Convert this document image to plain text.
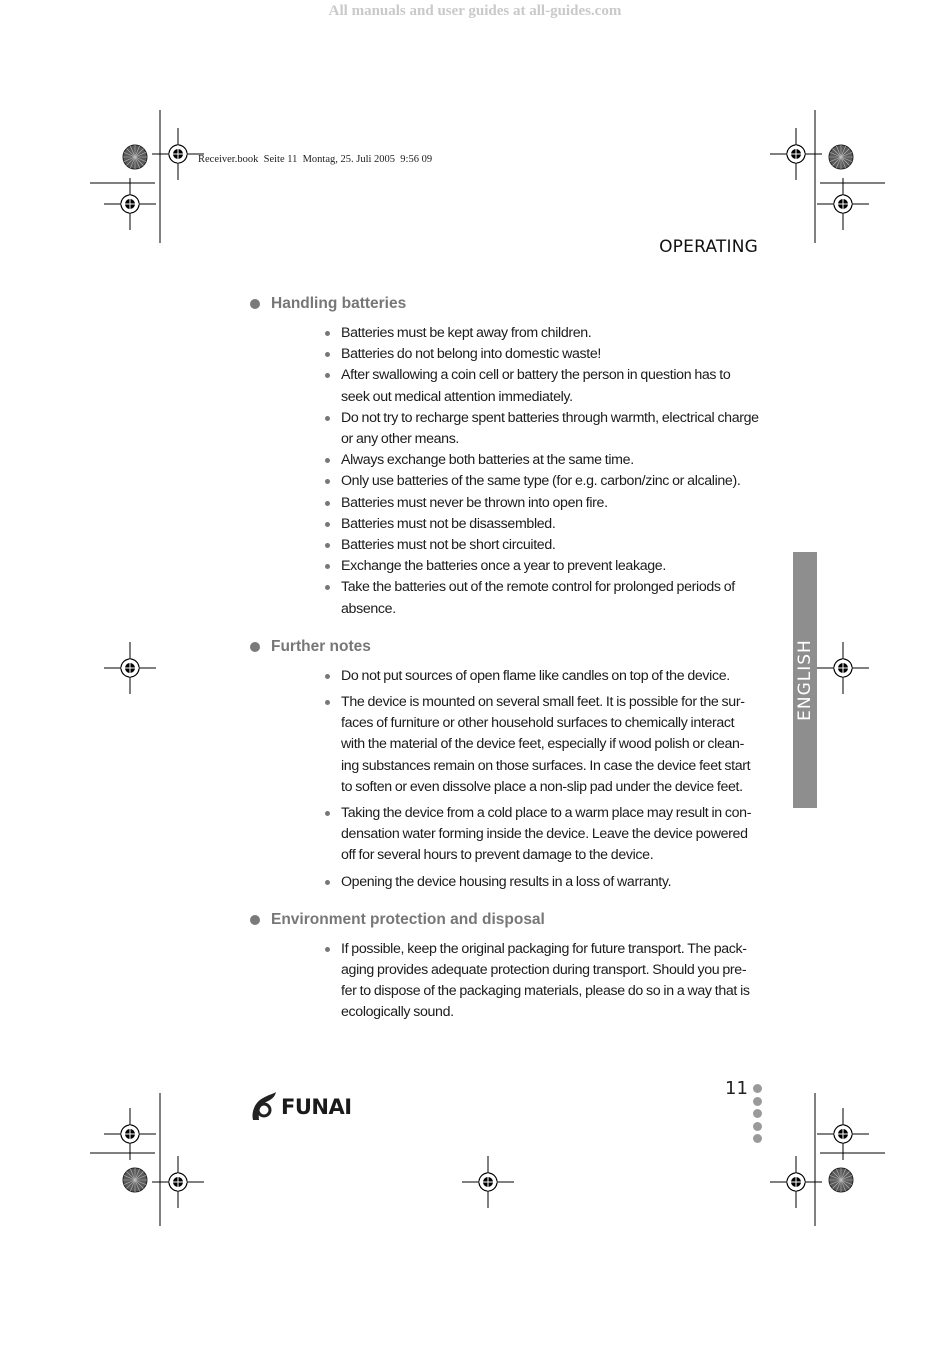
All manuals and user guides at all-guides.com
Receiver.book  Seite 11  Montag, 25. Juli 2005  9:56 09
OPERATING
ENGLISH
Handling batteries
Batteries must be kept away from children.
Batteries do not belong into domestic waste!
After swallowing a coin cell or battery the person in question has to seek out medical attention immediately.
Do not try to recharge spent batteries through warmth, electrical charge or any other means.
Always exchange both batteries at the same time.
Only use batteries of the same type (for e.g. carbon/zinc or alcaline).
Batteries must never be thrown into open fire.
Batteries must not be disassembled.
Batteries must not be short circuited.
Exchange the batteries once a year to prevent leakage.
Take the batteries out of the remote control for prolonged periods of absence.
Further notes
Do not put sources of open flame like candles on top of the device.
The device is mounted on several small feet. It is possible for the sur-faces of furniture or other household surfaces to chemically interact with the material of the device feet, especially if wood polish or clean-ing substances remain on those surfaces. In case the device feet start to soften or even dissolve place a non-slip pad under the device feet.
Taking the device from a cold place to a warm place may result in con-densation water forming inside the device. Leave the device powered off for several hours to prevent damage to the device.
Opening the device housing results in a loss of warranty.
Environment protection and disposal
If possible, keep the original packaging for future transport. The pack-aging provides adequate protection during transport. Should you pre-fer to dispose of the packaging materials, please do so in a way that is ecologically sound.
FUNAI
11
